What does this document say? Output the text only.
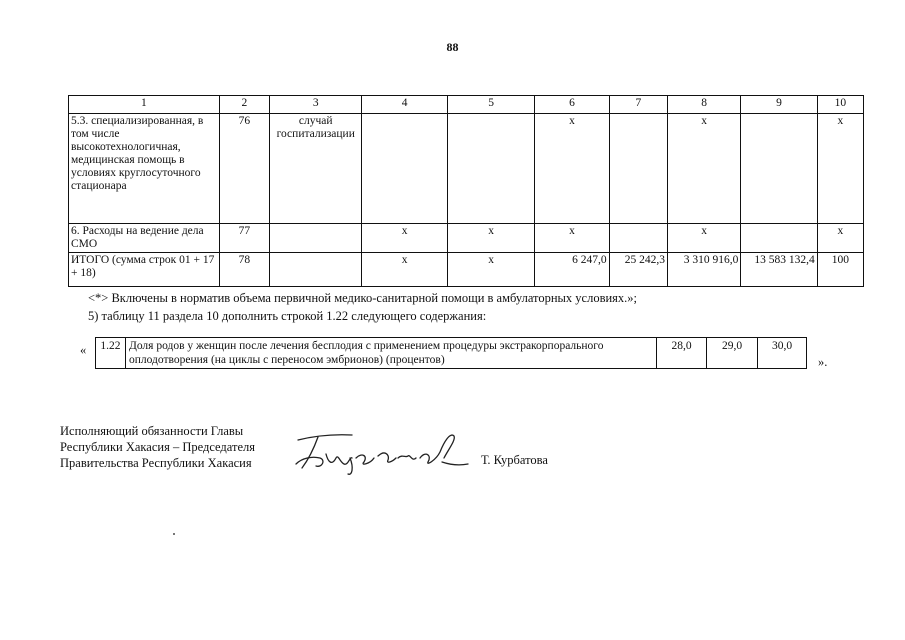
88
1	2	3	4	5	6	7	8	9	10
5.3. специализированная, в том числе высокотехнологичная, медицинская помощь в условиях круглосуточного стационара	76	случай госпитализации			х		х		х
6. Расходы на ведение дела СМО	77		х	х	х		х		х
ИТОГО (сумма строк 01 + 17 + 18)	78		х	х	6 247,0	25 242,3	3 310 916,0	13 583 132,4	100
<*> Включены в норматив объема первичной медико-санитарной помощи в амбулаторных условиях.»;
5) таблицу 11 раздела 10 дополнить строкой 1.22 следующего содержания:
« 1.22	Доля родов у женщин после лечения бесплодия с применением процедуры экстракорпорального оплодотворения (на циклы с переносом эмбрионов) (процентов)	28,0	29,0	30,0
».
Исполняющий обязанности Главы
Республики Хакасия – Председателя
Правительства Республики Хакасия	Т. Курбатова
